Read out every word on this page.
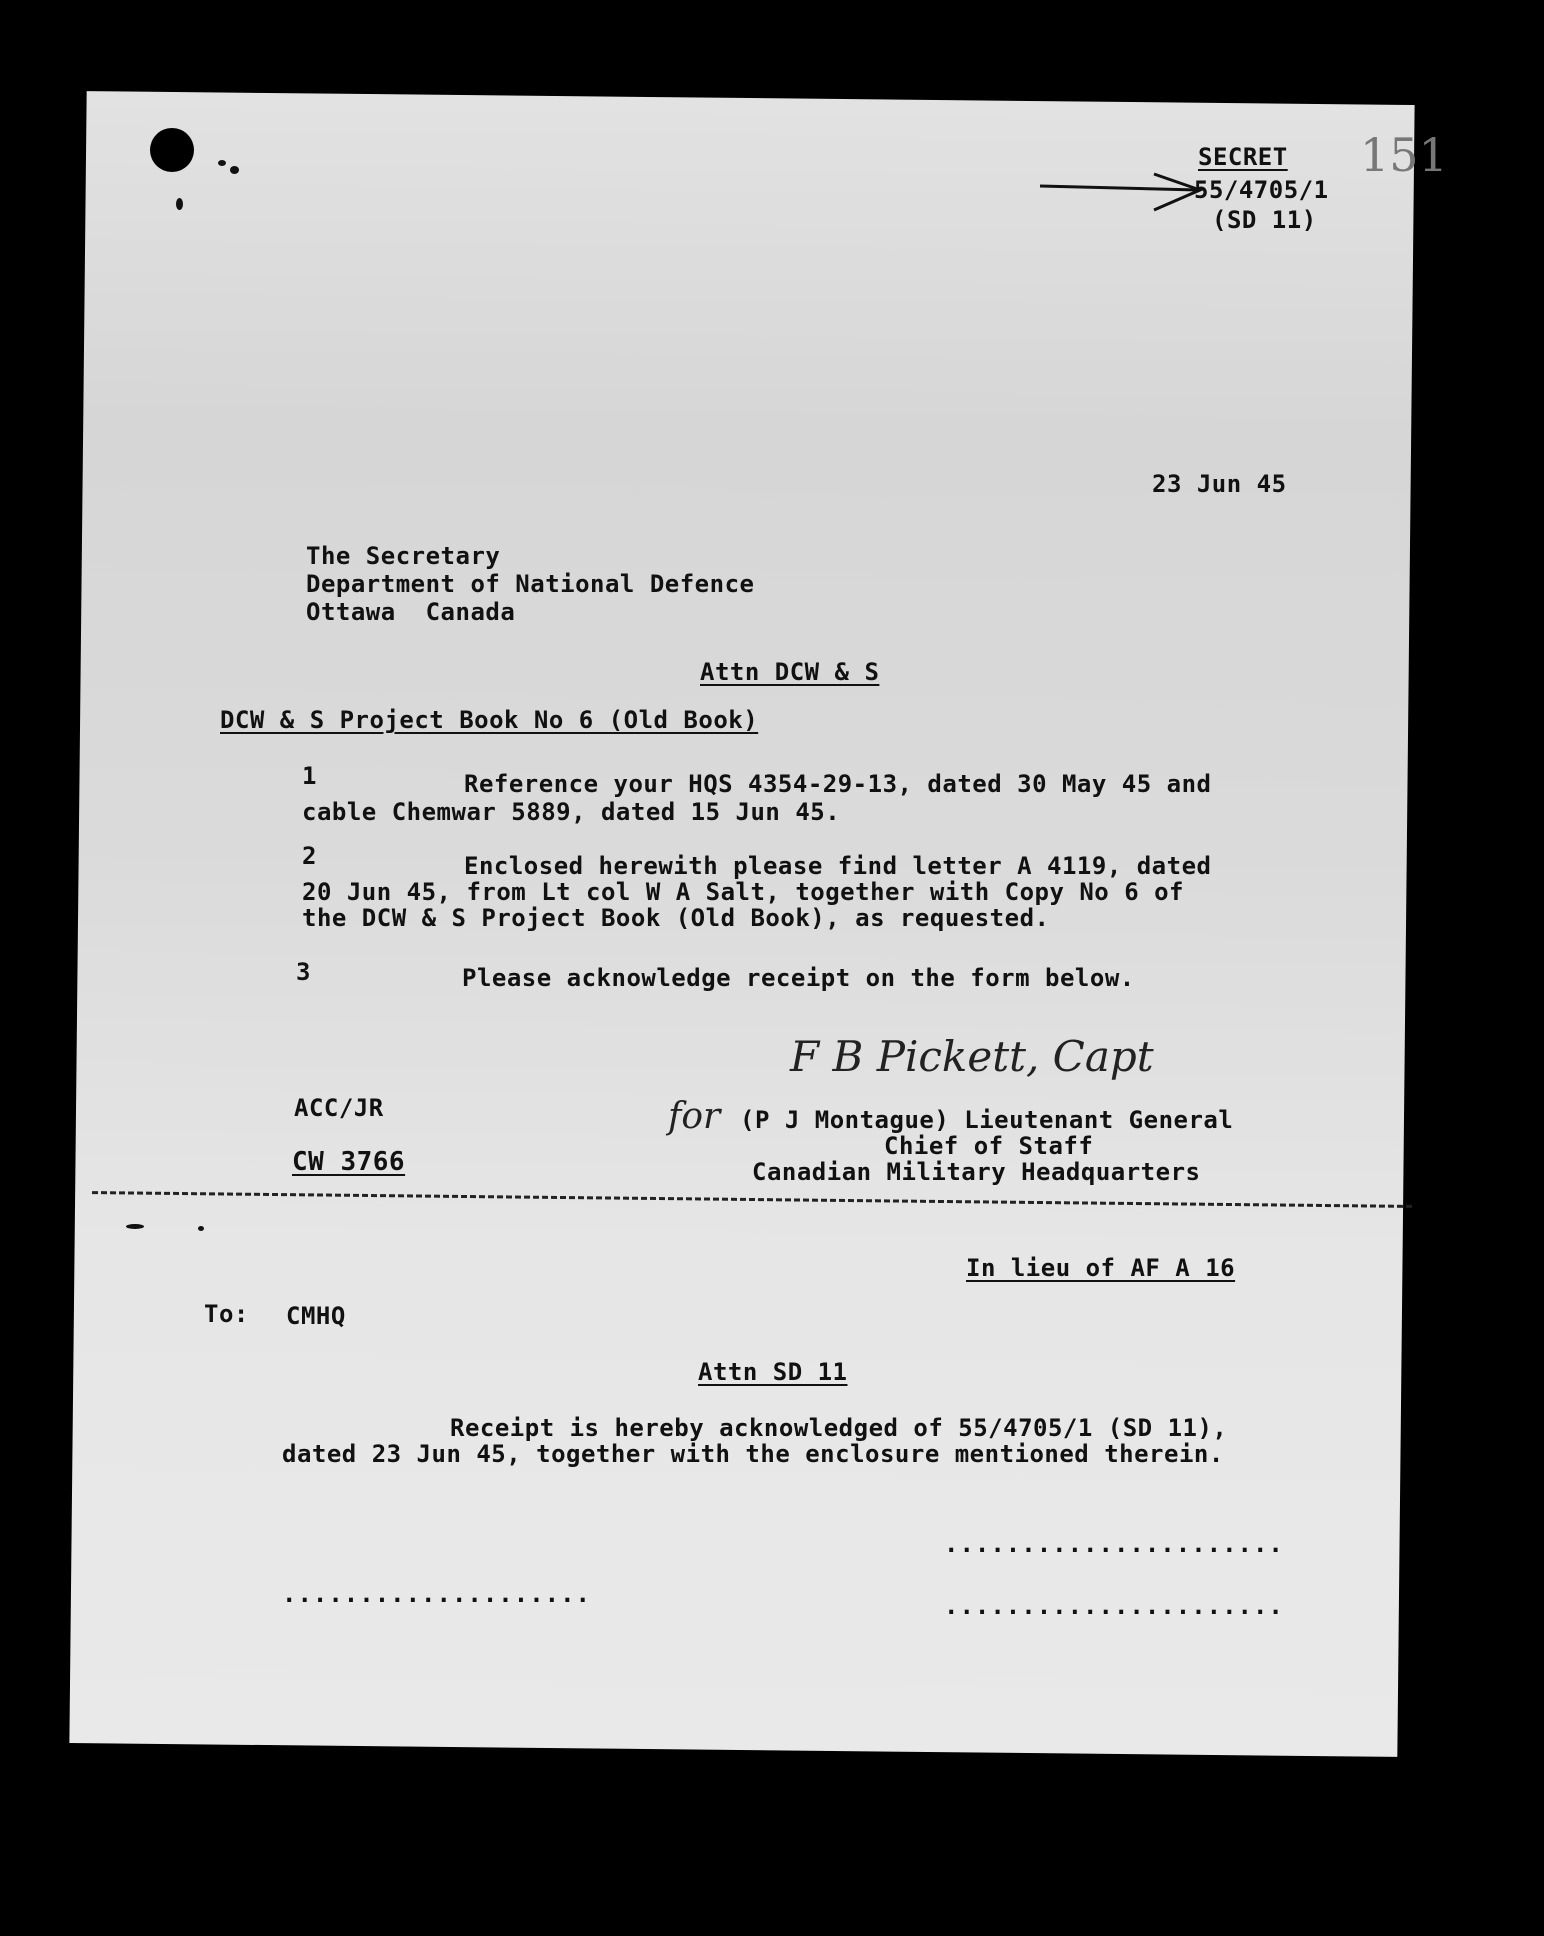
SECRET
55/4705/1
(SD 11)
151
23 Jun 45
The Secretary
Department of National Defence
Ottawa  Canada
Attn DCW & S
DCW & S Project Book No 6 (Old Book)
1	Reference your HQS 4354-29-13, dated 30 May 45 and
cable Chemwar 5889, dated 15 Jun 45.
2	Enclosed herewith please find letter A 4119, dated
20 Jun 45, from Lt col W A Salt, together with Copy No 6 of
the DCW & S Project Book (Old Book), as requested.
3	Please acknowledge receipt on the form below.
F B Pickett, Capt
for (P J Montague) Lieutenant General
Chief of Staff
Canadian Military Headquarters
ACC/JR
CW 3766
In lieu of AF A 16
To: CMHQ
Attn SD 11
Receipt is hereby acknowledged of 55/4705/1 (SD 11),
dated 23 Jun 45, together with the enclosure mentioned therein.
......................
....................	......................
